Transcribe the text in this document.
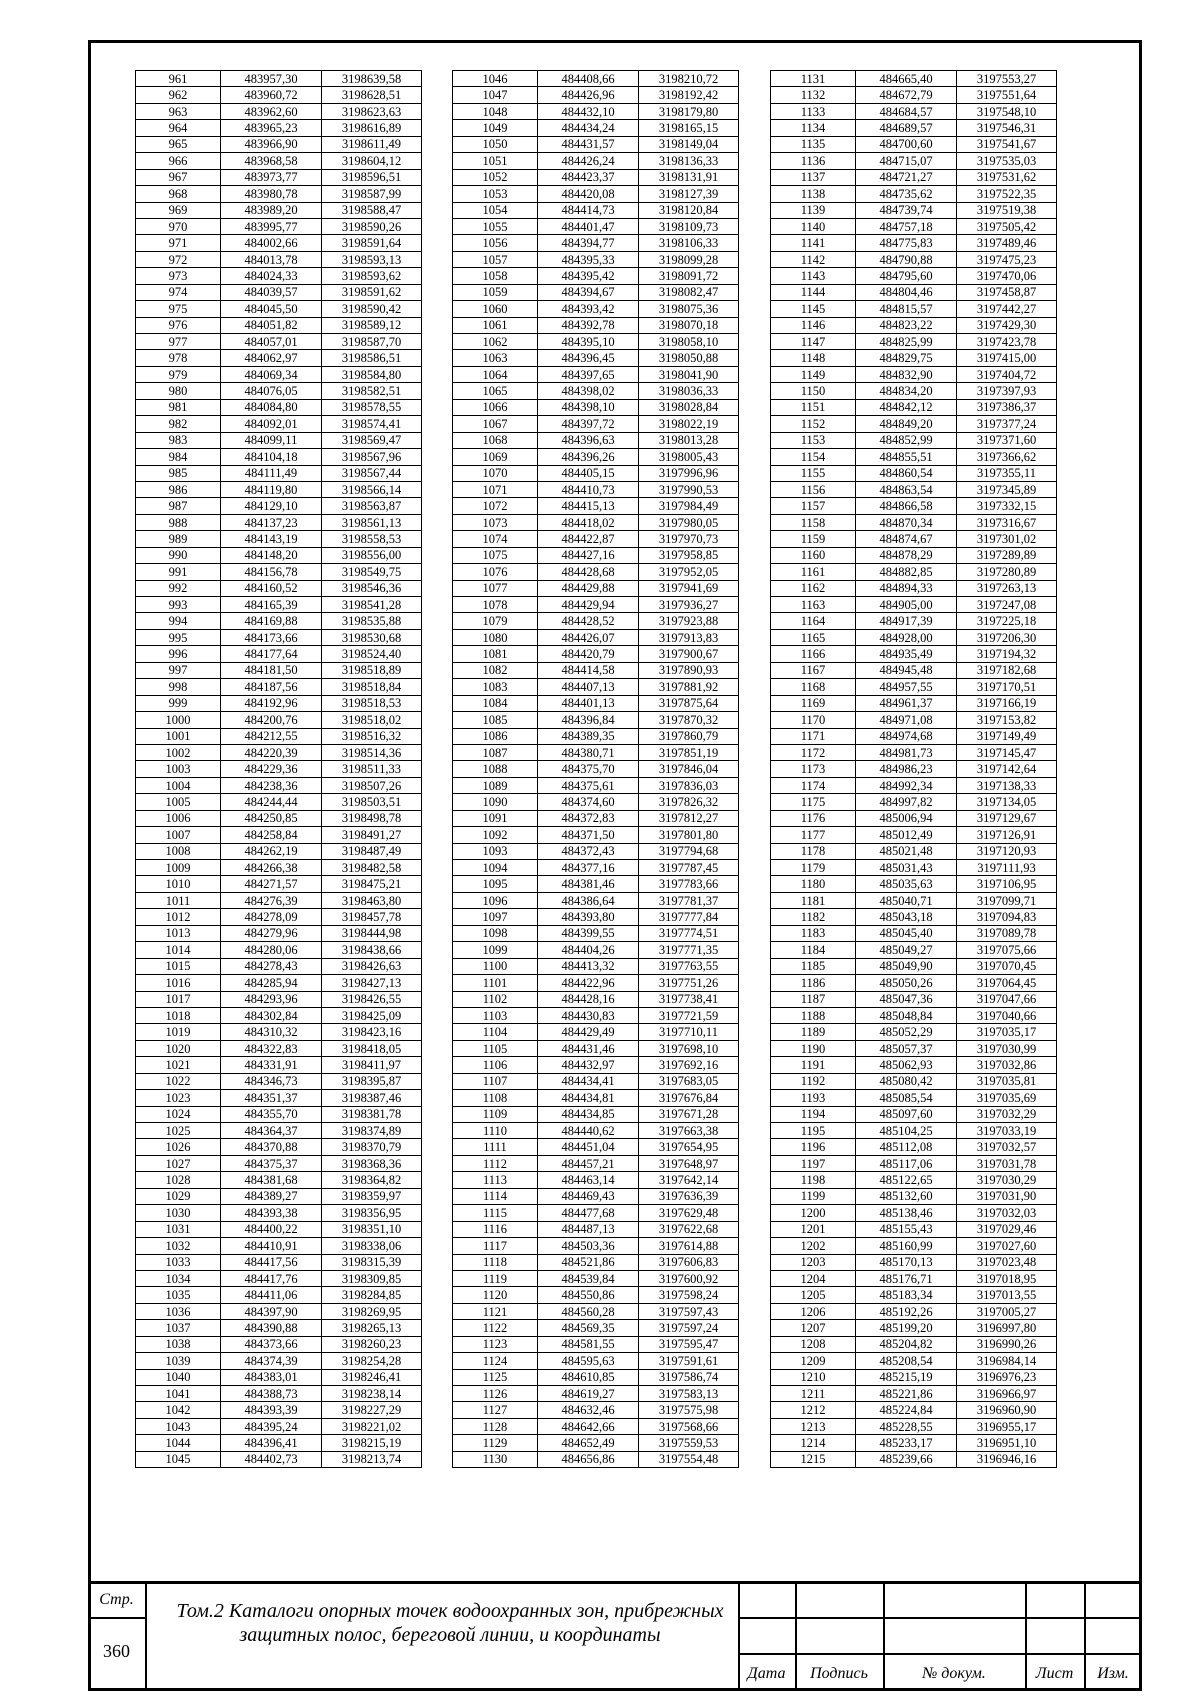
961	483957,30	3198639,58
962	483960,72	3198628,51
963	483962,60	3198623,63
964	483965,23	3198616,89
965	483966,90	3198611,49
966	483968,58	3198604,12
967	483973,77	3198596,51
968	483980,78	3198587,99
969	483989,20	3198588,47
970	483995,77	3198590,26
971	484002,66	3198591,64
972	484013,78	3198593,13
973	484024,33	3198593,62
974	484039,57	3198591,62
975	484045,50	3198590,42
976	484051,82	3198589,12
977	484057,01	3198587,70
978	484062,97	3198586,51
979	484069,34	3198584,80
980	484076,05	3198582,51
981	484084,80	3198578,55
982	484092,01	3198574,41
983	484099,11	3198569,47
984	484104,18	3198567,96
985	484111,49	3198567,44
986	484119,80	3198566,14
987	484129,10	3198563,87
988	484137,23	3198561,13
989	484143,19	3198558,53
990	484148,20	3198556,00
991	484156,78	3198549,75
992	484160,52	3198546,36
993	484165,39	3198541,28
994	484169,88	3198535,88
995	484173,66	3198530,68
996	484177,64	3198524,40
997	484181,50	3198518,89
998	484187,56	3198518,84
999	484192,96	3198518,53
1000	484200,76	3198518,02
1001	484212,55	3198516,32
1002	484220,39	3198514,36
1003	484229,36	3198511,33
1004	484238,36	3198507,26
1005	484244,44	3198503,51
1006	484250,85	3198498,78
1007	484258,84	3198491,27
1008	484262,19	3198487,49
1009	484266,38	3198482,58
1010	484271,57	3198475,21
1011	484276,39	3198463,80
1012	484278,09	3198457,78
1013	484279,96	3198444,98
1014	484280,06	3198438,66
1015	484278,43	3198426,63
1016	484285,94	3198427,13
1017	484293,96	3198426,55
1018	484302,84	3198425,09
1019	484310,32	3198423,16
1020	484322,83	3198418,05
1021	484331,91	3198411,97
1022	484346,73	3198395,87
1023	484351,37	3198387,46
1024	484355,70	3198381,78
1025	484364,37	3198374,89
1026	484370,88	3198370,79
1027	484375,37	3198368,36
1028	484381,68	3198364,82
1029	484389,27	3198359,97
1030	484393,38	3198356,95
1031	484400,22	3198351,10
1032	484410,91	3198338,06
1033	484417,56	3198315,39
1034	484417,76	3198309,85
1035	484411,06	3198284,85
1036	484397,90	3198269,95
1037	484390,88	3198265,13
1038	484373,66	3198260,23
1039	484374,39	3198254,28
1040	484383,01	3198246,41
1041	484388,73	3198238,14
1042	484393,39	3198227,29
1043	484395,24	3198221,02
1044	484396,41	3198215,19
1045	484402,73	3198213,74
1046	484408,66	3198210,72
1047	484426,96	3198192,42
1048	484432,10	3198179,80
1049	484434,24	3198165,15
1050	484431,57	3198149,04
1051	484426,24	3198136,33
1052	484423,37	3198131,91
1053	484420,08	3198127,39
1054	484414,73	3198120,84
1055	484401,47	3198109,73
1056	484394,77	3198106,33
1057	484395,33	3198099,28
1058	484395,42	3198091,72
1059	484394,67	3198082,47
1060	484393,42	3198075,36
1061	484392,78	3198070,18
1062	484395,10	3198058,10
1063	484396,45	3198050,88
1064	484397,65	3198041,90
1065	484398,02	3198036,33
1066	484398,10	3198028,84
1067	484397,72	3198022,19
1068	484396,63	3198013,28
1069	484396,26	3198005,43
1070	484405,15	3197996,96
1071	484410,73	3197990,53
1072	484415,13	3197984,49
1073	484418,02	3197980,05
1074	484422,87	3197970,73
1075	484427,16	3197958,85
1076	484428,68	3197952,05
1077	484429,88	3197941,69
1078	484429,94	3197936,27
1079	484428,52	3197923,88
1080	484426,07	3197913,83
1081	484420,79	3197900,67
1082	484414,58	3197890,93
1083	484407,13	3197881,92
1084	484401,13	3197875,64
1085	484396,84	3197870,32
1086	484389,35	3197860,79
1087	484380,71	3197851,19
1088	484375,70	3197846,04
1089	484375,61	3197836,03
1090	484374,60	3197826,32
1091	484372,83	3197812,27
1092	484371,50	3197801,80
1093	484372,43	3197794,68
1094	484377,16	3197787,45
1095	484381,46	3197783,66
1096	484386,64	3197781,37
1097	484393,80	3197777,84
1098	484399,55	3197774,51
1099	484404,26	3197771,35
1100	484413,32	3197763,55
1101	484422,96	3197751,26
1102	484428,16	3197738,41
1103	484430,83	3197721,59
1104	484429,49	3197710,11
1105	484431,46	3197698,10
1106	484432,97	3197692,16
1107	484434,41	3197683,05
1108	484434,81	3197676,84
1109	484434,85	3197671,28
1110	484440,62	3197663,38
1111	484451,04	3197654,95
1112	484457,21	3197648,97
1113	484463,14	3197642,14
1114	484469,43	3197636,39
1115	484477,68	3197629,48
1116	484487,13	3197622,68
1117	484503,36	3197614,88
1118	484521,86	3197606,83
1119	484539,84	3197600,92
1120	484550,86	3197598,24
1121	484560,28	3197597,43
1122	484569,35	3197597,24
1123	484581,55	3197595,47
1124	484595,63	3197591,61
1125	484610,85	3197586,74
1126	484619,27	3197583,13
1127	484632,46	3197575,98
1128	484642,66	3197568,66
1129	484652,49	3197559,53
1130	484656,86	3197554,48
1131	484665,40	3197553,27
1132	484672,79	3197551,64
1133	484684,57	3197548,10
1134	484689,57	3197546,31
1135	484700,60	3197541,67
1136	484715,07	3197535,03
1137	484721,27	3197531,62
1138	484735,62	3197522,35
1139	484739,74	3197519,38
1140	484757,18	3197505,42
1141	484775,83	3197489,46
1142	484790,88	3197475,23
1143	484795,60	3197470,06
1144	484804,46	3197458,87
1145	484815,57	3197442,27
1146	484823,22	3197429,30
1147	484825,99	3197423,78
1148	484829,75	3197415,00
1149	484832,90	3197404,72
1150	484834,20	3197397,93
1151	484842,12	3197386,37
1152	484849,20	3197377,24
1153	484852,99	3197371,60
1154	484855,51	3197366,62
1155	484860,54	3197355,11
1156	484863,54	3197345,89
1157	484866,58	3197332,15
1158	484870,34	3197316,67
1159	484874,67	3197301,02
1160	484878,29	3197289,89
1161	484882,85	3197280,89
1162	484894,33	3197263,13
1163	484905,00	3197247,08
1164	484917,39	3197225,18
1165	484928,00	3197206,30
1166	484935,49	3197194,32
1167	484945,48	3197182,68
1168	484957,55	3197170,51
1169	484961,37	3197166,19
1170	484971,08	3197153,82
1171	484974,68	3197149,49
1172	484981,73	3197145,47
1173	484986,23	3197142,64
1174	484992,34	3197138,33
1175	484997,82	3197134,05
1176	485006,94	3197129,67
1177	485012,49	3197126,91
1178	485021,48	3197120,93
1179	485031,43	3197111,93
1180	485035,63	3197106,95
1181	485040,71	3197099,71
1182	485043,18	3197094,83
1183	485045,40	3197089,78
1184	485049,27	3197075,66
1185	485049,90	3197070,45
1186	485050,26	3197064,45
1187	485047,36	3197047,66
1188	485048,84	3197040,66
1189	485052,29	3197035,17
1190	485057,37	3197030,99
1191	485062,93	3197032,86
1192	485080,42	3197035,81
1193	485085,54	3197035,69
1194	485097,60	3197032,29
1195	485104,25	3197033,19
1196	485112,08	3197032,57
1197	485117,06	3197031,78
1198	485122,65	3197030,29
1199	485132,60	3197031,90
1200	485138,46	3197032,03
1201	485155,43	3197029,46
1202	485160,99	3197027,60
1203	485170,13	3197023,48
1204	485176,71	3197018,95
1205	485183,34	3197013,55
1206	485192,26	3197005,27
1207	485199,20	3196997,80
1208	485204,82	3196990,26
1209	485208,54	3196984,14
1210	485215,19	3196976,23
1211	485221,86	3196966,97
1212	485224,84	3196960,90
1213	485228,55	3196955,17
1214	485233,17	3196951,10
1215	485239,66	3196946,16
Стр.
360
Том.2 Каталоги опорных точек водоохранных зон, прибрежных
защитных полос, береговой линии, и координаты
Дата	Подпись	№ докум.	Лист	Изм.
